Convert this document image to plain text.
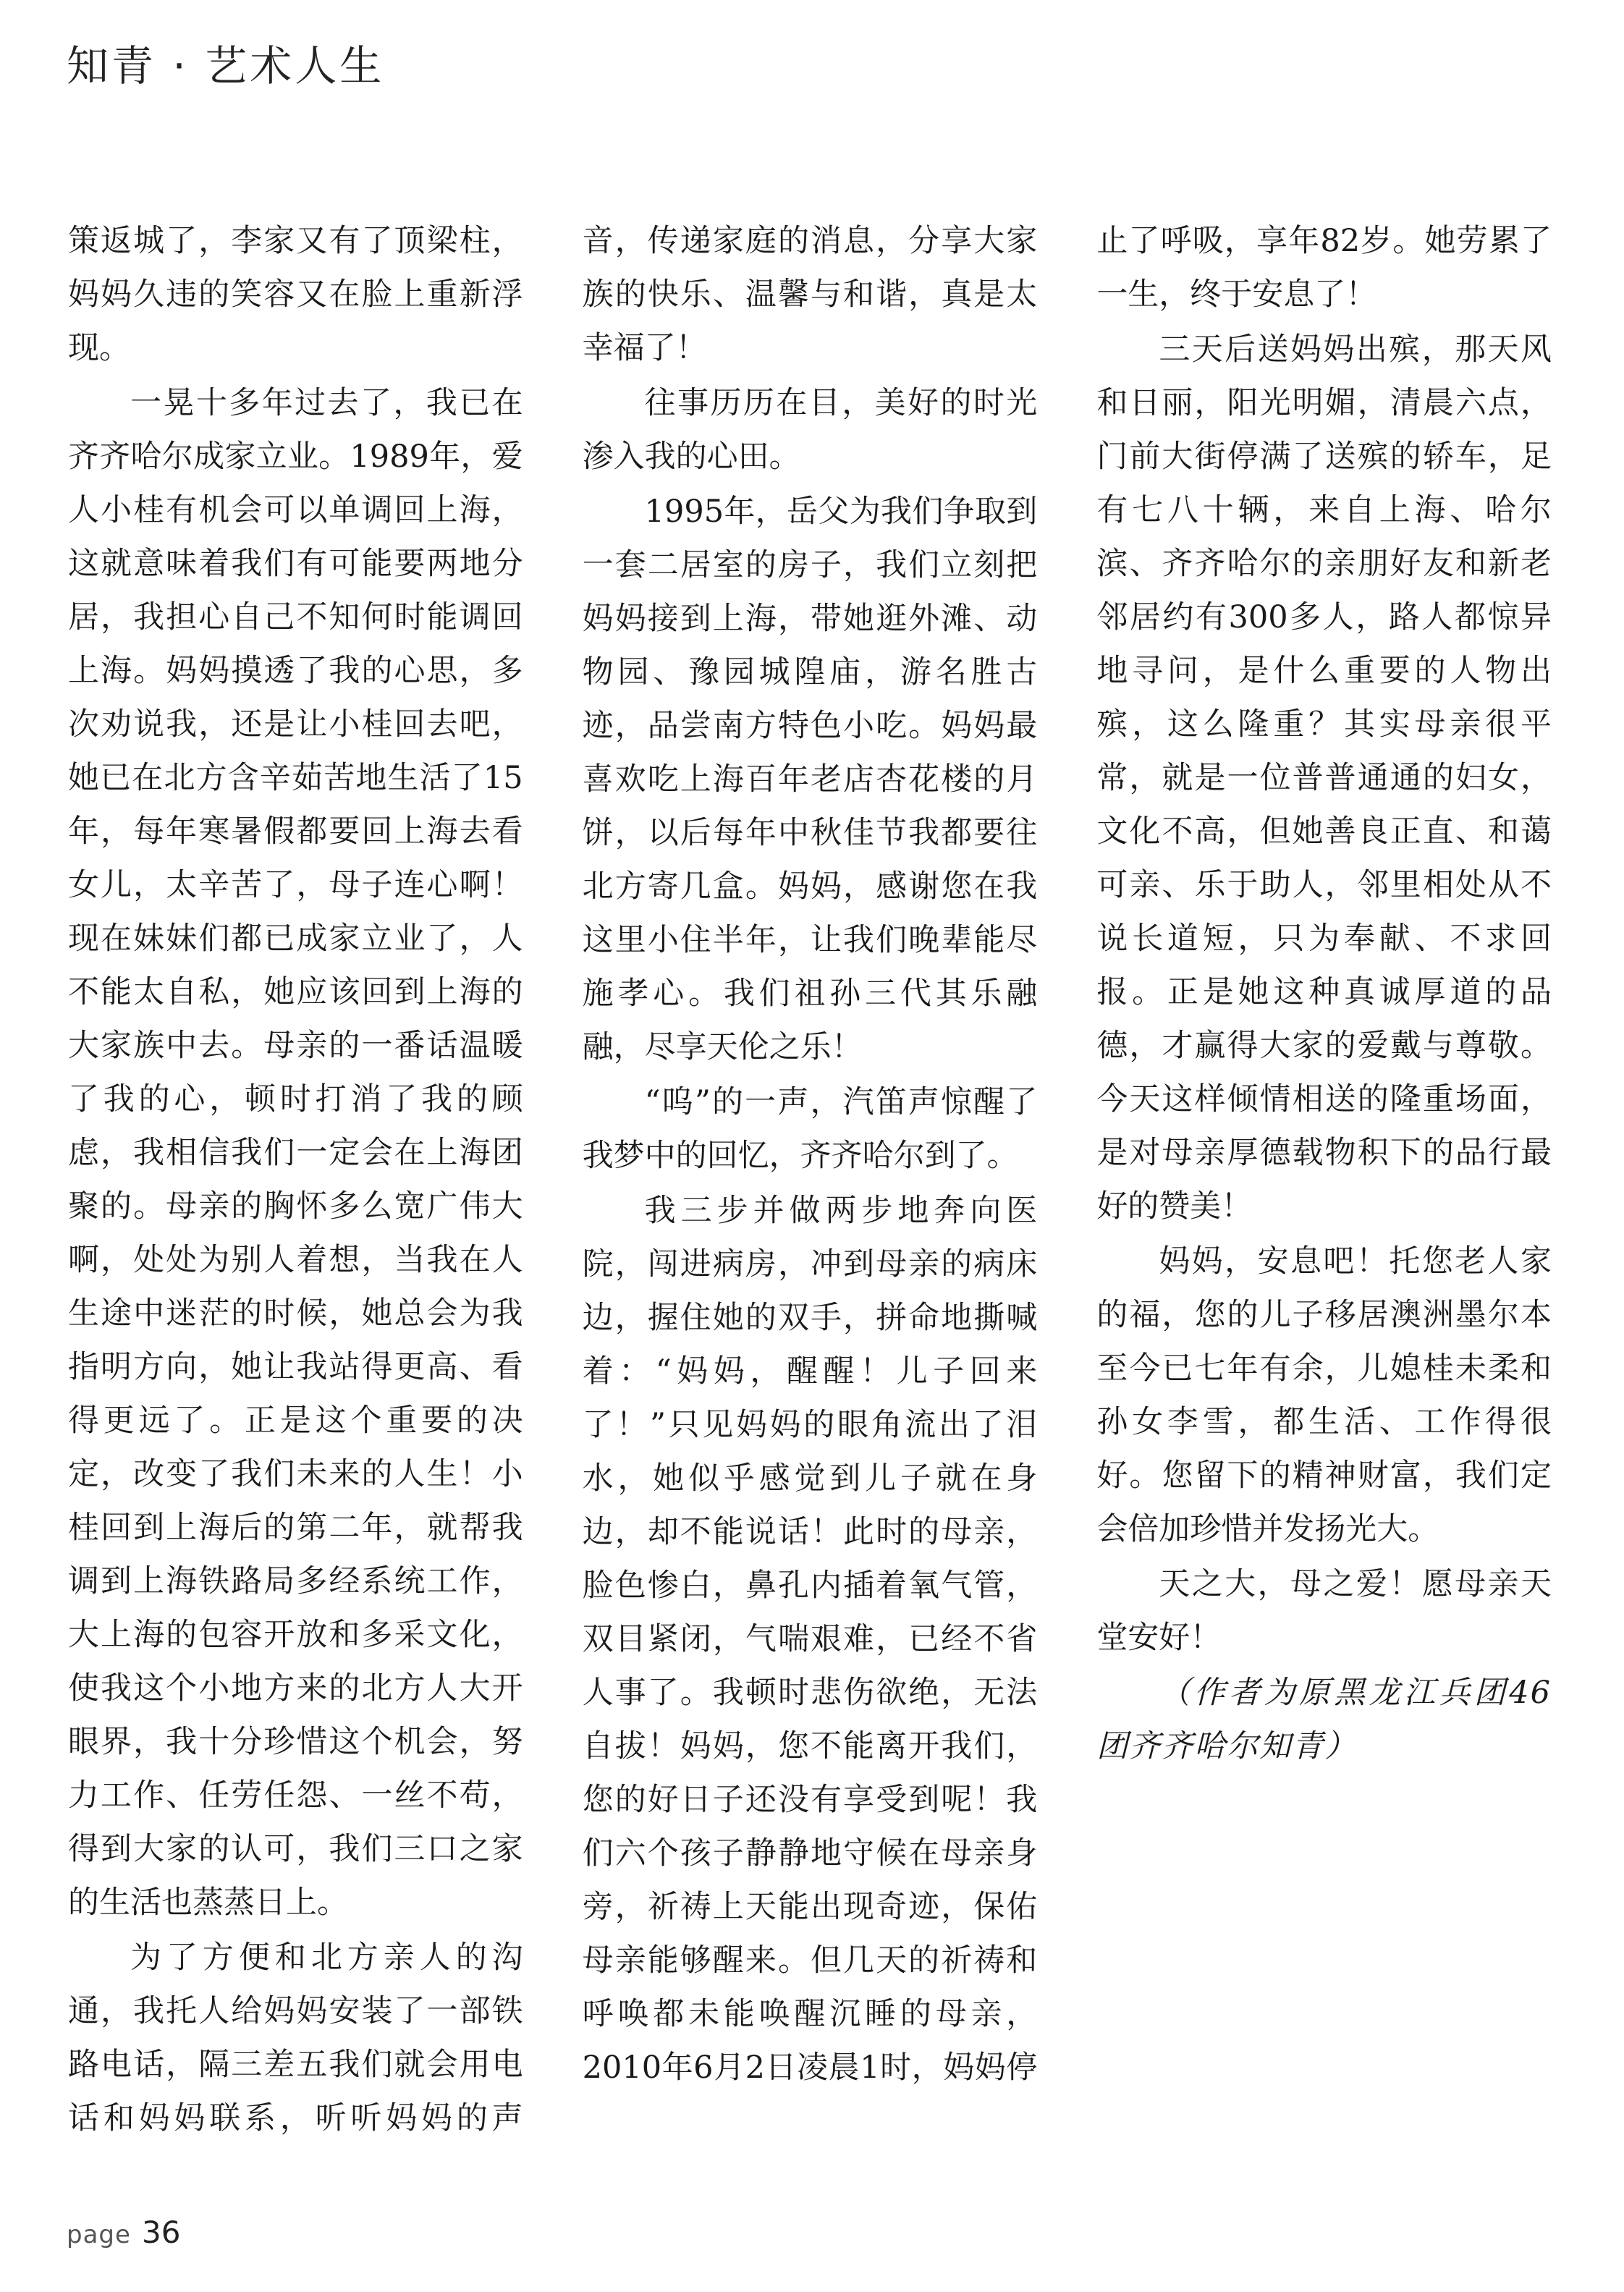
知青 · 艺术人生

策返城了，李家又有了顶梁柱，妈妈久违的笑容又在脸上重新浮现。

一晃十多年过去了，我已在齐齐哈尔成家立业。1989年，爱人小桂有机会可以单调回上海，这就意味着我们有可能要两地分居，我担心自己不知何时能调回上海。妈妈摸透了我的心思，多次劝说我，还是让小桂回去吧，她已在北方含辛茹苦地生活了15年，每年寒暑假都要回上海去看女儿，太辛苦了，母子连心啊！现在妹妹们都已成家立业了，人不能太自私，她应该回到上海的大家族中去。母亲的一番话温暖了我的心，顿时打消了我的顾虑，我相信我们一定会在上海团聚的。母亲的胸怀多么宽广伟大啊，处处为别人着想，当我在人生途中迷茫的时候，她总会为我指明方向，她让我站得更高、看得更远了。正是这个重要的决定，改变了我们未来的人生！小桂回到上海后的第二年，就帮我调到上海铁路局多经系统工作，大上海的包容开放和多采文化，使我这个小地方来的北方人大开眼界，我十分珍惜这个机会，努力工作、任劳任怨、一丝不苟，得到大家的认可，我们三口之家的生活也蒸蒸日上。

为了方便和北方亲人的沟通，我托人给妈妈安装了一部铁路电话，隔三差五我们就会用电话和妈妈联系，听听妈妈的声音，传递家庭的消息，分享大家族的快乐、温馨与和谐，真是太幸福了！

往事历历在目，美好的时光渗入我的心田。

1995年，岳父为我们争取到一套二居室的房子，我们立刻把妈妈接到上海，带她逛外滩、动物园、豫园城隍庙，游名胜古迹，品尝南方特色小吃。妈妈最喜欢吃上海百年老店杏花楼的月饼，以后每年中秋佳节我都要往北方寄几盒。妈妈，感谢您在我这里小住半年，让我们晚辈能尽施孝心。我们祖孙三代其乐融融，尽享天伦之乐！

“呜”的一声，汽笛声惊醒了我梦中的回忆，齐齐哈尔到了。

我三步并做两步地奔向医院，闯进病房，冲到母亲的病床边，握住她的双手，拼命地撕喊着：“妈妈，醒醒！儿子回来了！”只见妈妈的眼角流出了泪水，她似乎感觉到儿子就在身边，却不能说话！此时的母亲，脸色惨白，鼻孔内插着氧气管，双目紧闭，气喘艰难，已经不省人事了。我顿时悲伤欲绝，无法自拔！妈妈，您不能离开我们，您的好日子还没有享受到呢！我们六个孩子静静地守候在母亲身旁，祈祷上天能出现奇迹，保佑母亲能够醒来。但几天的祈祷和呼唤都未能唤醒沉睡的母亲，2010年6月2日凌晨1时，妈妈停止了呼吸，享年82岁。她劳累了一生，终于安息了！

三天后送妈妈出殡，那天风和日丽，阳光明媚，清晨六点，门前大街停满了送殡的轿车，足有七八十辆，来自上海、哈尔滨、齐齐哈尔的亲朋好友和新老邻居约有300多人，路人都惊异地寻问，是什么重要的人物出殡，这么隆重？其实母亲很平常，就是一位普普通通的妇女，文化不高，但她善良正直、和蔼可亲、乐于助人，邻里相处从不说长道短，只为奉献、不求回报。正是她这种真诚厚道的品德，才赢得大家的爱戴与尊敬。今天这样倾情相送的隆重场面，是对母亲厚德载物积下的品行最好的赞美！

妈妈，安息吧！托您老人家的福，您的儿子移居澳洲墨尔本至今已七年有余，儿媳桂未柔和孙女李雪，都生活、工作得很好。您留下的精神财富，我们定会倍加珍惜并发扬光大。

天之大，母之爱！愿母亲天堂安好！

（作者为原黑龙江兵团46团齐齐哈尔知青）

page 36
